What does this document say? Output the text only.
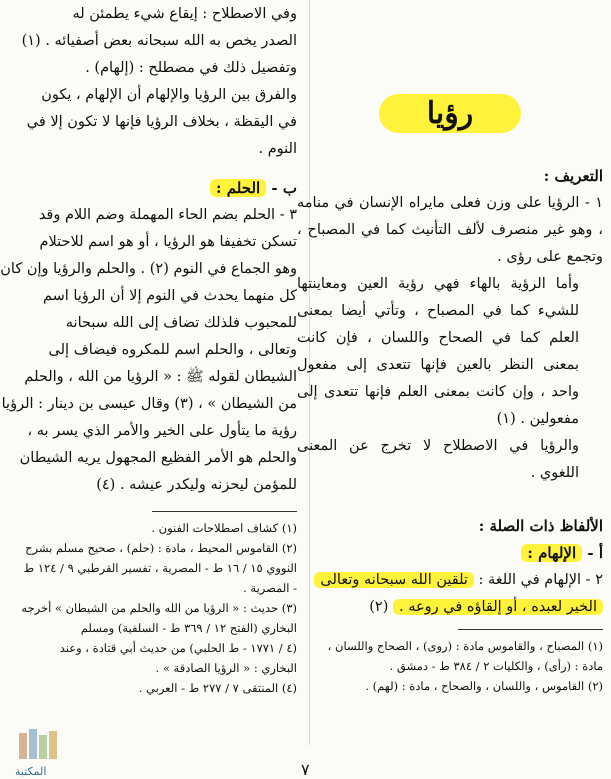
رؤيا

التعريف :

١ - الرؤيا على وزن فعلى مايراه الإنسان في منامه ، وهو غير منصرف لألف التأنيث كما في المصباح ، وتجمع على رؤى .

وأما الرؤية بالهاء فهي رؤية العين ومعاينتها للشيء كما في المصباح ، وتأتي أيضا بمعنى العلم كما في الصحاح واللسان ، فإن كانت بمعنى النظر بالعين فإنها تتعدى إلى مفعول واحد ، وإن كانت بمعنى العلم فإنها تتعدى إلى مفعولين . (١)

والرؤيا في الاصطلاح لا تخرج عن المعنى اللغوي .

الألفاظ ذات الصلة :

أ - الإلهام :

٢ - الإلهام في اللغة : تلقين الله سبحانه وتعالى

الخير لعبده ، أو إلقاؤه في روعه . (٢)

(١) المصباح ، والقاموس مادة : (روى) ، الصحاح واللسان ،

مادة : (رأى) ، والكليات ٢ / ٣٨٤ ط - دمشق .

(٢) القاموس ، واللسان ، والصحاح ، مادة : (لهم) .

وفي الاصطلاح : إيقاع شيء يطمئن له

الصدر يخص به الله سبحانه بعض أصفيائه . (١)

وتفصيل ذلك في مصطلح : (إلهام) .

والفرق بين الرؤيا والإلهام أن الإلهام ، يكون

في اليقظة ، بخلاف الرؤيا فإنها لا تكون إلا في

النوم .

ب - الحلم :

٣ - الحلم بضم الحاء المهملة وضم اللام وقد

تسكن تخفيفا هو الرؤيا ، أو هو اسم للاحتلام

وهو الجماع في النوم (٢) . والحلم والرؤيا وإن كان

كل منهما يحدث في النوم إلا أن الرؤيا اسم

للمحبوب فلذلك تضاف إلى الله سبحانه

وتعالى ، والحلم اسم للمكروه فيضاف إلى

الشيطان لقوله ﷺ : « الرؤيا من الله ، والحلم

من الشيطان » ، (٣) وقال عيسى بن دينار : الرؤيا

رؤية ما يتأول على الخير والأمر الذي يسر به ،

والحلم هو الأمر الفظيع المجهول يريه الشيطان

للمؤمن ليحزنه وليكدر عيشه . (٤)

(١) كشاف اصطلاحات الفنون .

(٢) القاموس المحيط ، مادة : (حلم) ، صحيح مسلم بشرح

النووي ١٥ / ١٦ ط - المصرية ، تفسير القرطبي ٩ / ١٢٤ ط

- المصرية .

(٣) حديث : « الرؤيا من الله والحلم من الشيطان » أخرجه

البخاري (الفتح ١٢ / ٣٦٩ ط - السلفية) ومسلم

(٤ / ١٧٧١ - ط الحلبي) من حديث أبي قتادة ، وعند

البخاري : « الرؤيا الصادقة » .

(٤) المنتقى ٧ / ٢٧٧ ط - العربي .

٧
المكتبة
